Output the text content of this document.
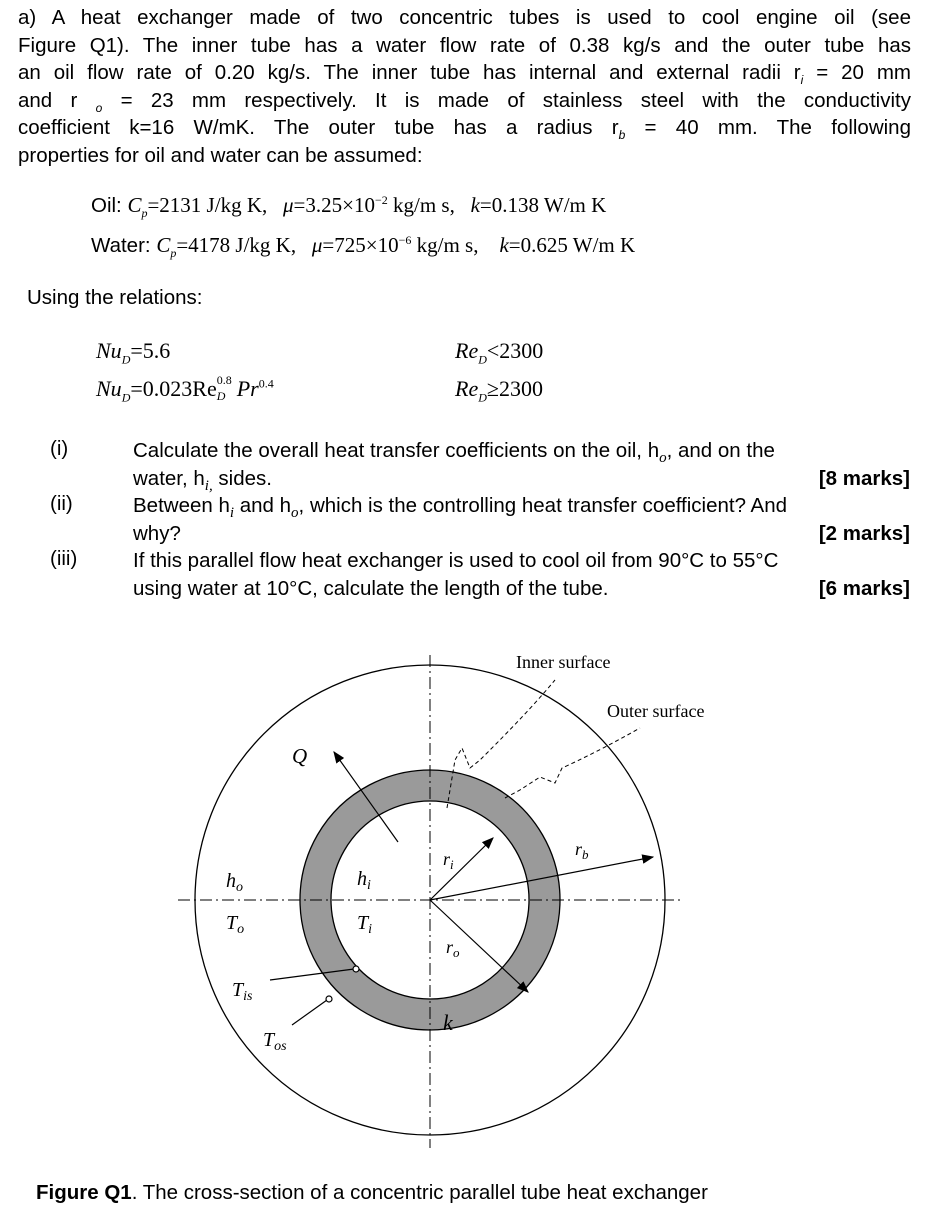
a) A heat exchanger made of two concentric tubes is used to cool engine oil (see
Figure Q1). The inner tube has a water flow rate of 0.38 kg/s and the outer tube has
an oil flow rate of 0.20 kg/s. The inner tube has internal and external radii $r_i = 20$ mm
and r $_o$ = 23 mm respectively. It is made of stainless steel with the conductivity
coefficient k=16 W/mK. The outer tube has a radius $r_b = 40$ mm. The following
properties for oil and water can be assumed:
Oil: $C_p=2131$ J/kg K, $\mu=3.25\times 10^{-2}$ kg/m s, k=0.138 W/m K
Water: $C_p=4178$ J/kg K, $\mu=725\times 10^{-6}$ kg/m s, k=0.625 W/m K
Using the relations:
$Nu_D=5.6$	$Re_D<2300$
$Nu_D=0.023Re$ 0.8
D $Pr^{0.4}$	$Re_D\ge 2300$
(i)	Calculate the overall heat transfer coefficients on the oil, $h_o$, and on the
water, $h_{i,}$ sides.	[8 marks]
(ii)	Between $h_i$ and $h_o$, which is the controlling heat transfer coefficient? And
why?	[2 marks]
(iii)	If this parallel flow heat exchanger is used to cool oil from 90°C to 55°C
using water at 10°C, calculate the length of the tube.	[6 marks]
Inner surface
Outer surface
Q
$h_o$
$T_o$
$h_i$
$T_i$
$r_i$
$r_o$
$r_b$
$T_{is}$
$T_{os}$
k
Figure Q1. The cross-section of a concentric parallel tube heat exchanger
